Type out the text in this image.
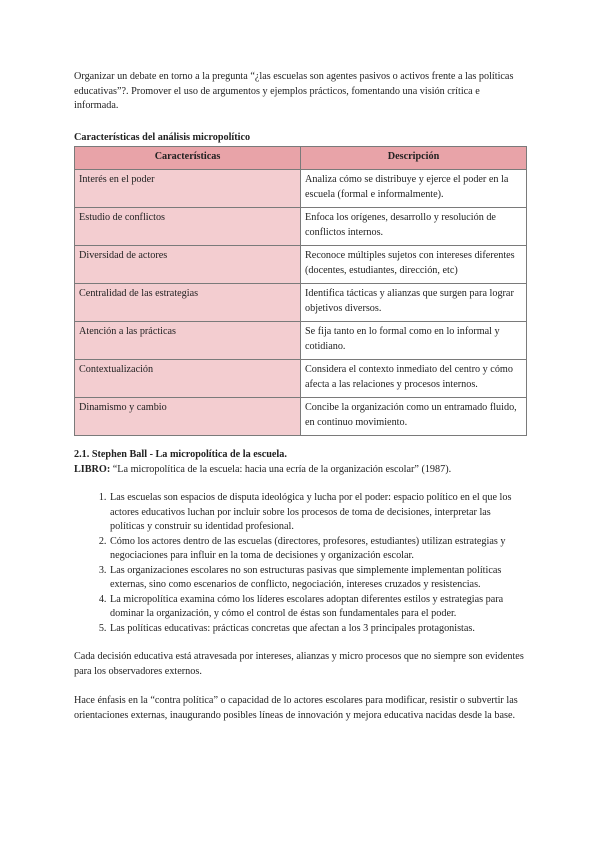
Organizar un debate en torno a la pregunta “¿las escuelas son agentes pasivos o activos frente a las políticas educativas”?. Promover el uso de argumentos y ejemplos prácticos, fomentando una visión crítica e informada.

Características del análisis micropolítico

Características	Descripción
Interés en el poder	Analiza cómo se distribuye y ejerce el poder en la escuela (formal e informalmente).
Estudio de conflictos	Enfoca los orígenes, desarrollo y resolución de conflictos internos.
Diversidad de actores	Reconoce múltiples sujetos con intereses diferentes (docentes, estudiantes, dirección, etc)
Centralidad de las estrategias	Identifica tácticas y alianzas que surgen para lograr objetivos diversos.
Atención a las prácticas	Se fija tanto en lo formal como en lo informal y cotidiano.
Contextualización	Considera el contexto inmediato del centro y cómo afecta a las relaciones y procesos internos.
Dinamismo y cambio	Concibe la organización como un entramado fluido, en continuo movimiento.

2.1. Stephen Ball - La micropolítica de la escuela.

LIBRO: “La micropolítica de la escuela: hacia una ecría de la organización escolar” (1987).

1. Las escuelas son espacios de disputa ideológica y lucha por el poder: espacio político en el que los actores educativos luchan por incluir sobre los procesos de toma de decisiones, interpretar las políticas y construir su identidad profesional.
2. Cómo los actores dentro de las escuelas (directores, profesores, estudiantes) utilizan estrategias y negociaciones para influir en la toma de decisiones y organización escolar.
3. Las organizaciones escolares no son estructuras pasivas que simplemente implementan políticas externas, sino como escenarios de conflicto, negociación, intereses cruzados y resistencias.
4. La micropolítica examina cómo los líderes escolares adoptan diferentes estilos y estrategias para dominar la organización, y cómo el control de éstas son fundamentales para el poder.
5. Las políticas educativas: prácticas concretas que afectan a los 3 principales protagonistas.

Cada decisión educativa está atravesada por intereses, alianzas y micro procesos que no siempre son evidentes para los observadores externos.

Hace énfasis en la “contra política” o capacidad de lo actores escolares para modificar, resistir o subvertir las orientaciones externas, inaugurando posibles líneas de innovación y mejora educativa nacidas desde la base.
